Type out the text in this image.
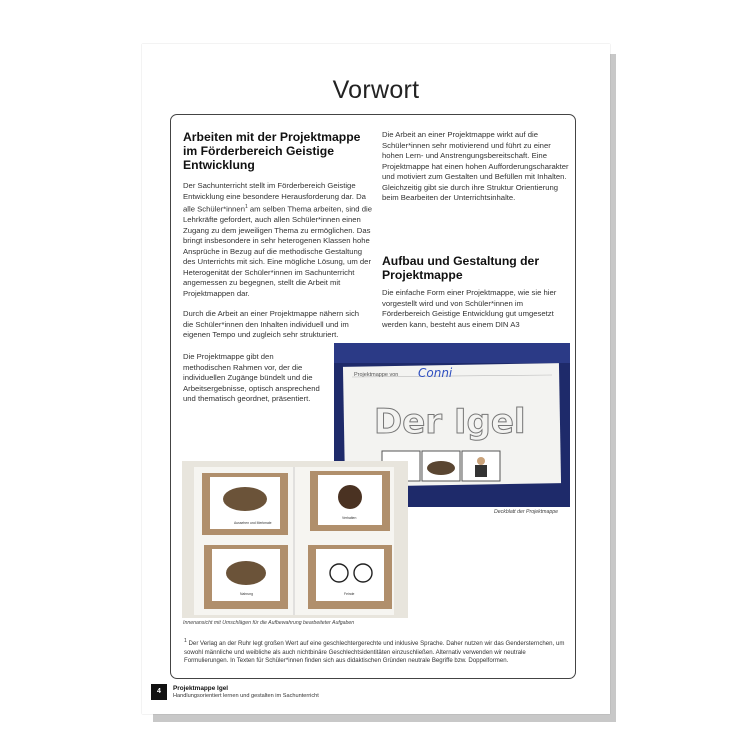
Vorwort
Arbeiten mit der Projektmappe im Förderbereich Geistige Entwicklung

Der Sachunterricht stellt im Förderbereich Geistige Entwicklung eine besondere Herausforderung dar. Da alle Schüler*innen$^1$ am selben Thema arbeiten, sind die Lehrkräfte gefordert, auch allen Schüler*innen einen Zugang zu dem jeweiligen Thema zu ermöglichen. Das bringt insbesondere in sehr heterogenen Klassen hohe Ansprüche in Bezug auf die methodische Gestaltung des Unterrichts mit sich. Eine mögliche Lösung, um der Heterogenität der Schüler*innen im Sachunterricht angemessen zu begegnen, stellt die Arbeit mit Projektmappen dar.

Durch die Arbeit an einer Projektmappe nähern sich die Schüler*innen den Inhalten individuell und im eigenen Tempo und zugleich sehr strukturiert.

Die Projektmappe gibt den methodischen Rahmen vor, der die individuellen Zugänge bündelt und die Arbeitsergebnisse, optisch ansprechend und thematisch geordnet, präsentiert.

Die Arbeit an einer Projektmappe wirkt auf die Schüler*innen sehr motivierend und führt zu einer hohen Lern- und Anstrengungsbereitschaft. Eine Projektmappe hat einen hohen Aufforderungscharakter und motiviert zum Gestalten und Befüllen mit Inhalten. Gleichzeitig gibt sie durch ihre Struktur Orientierung beim Bearbeiten der Unterrichtsinhalte.

Aufbau und Gestaltung der Projektmappe

Die einfache Form einer Projektmappe, wie sie hier vorgestellt wird und von Schüler*innen im Förderbereich Geistige Entwicklung gut umgesetzt werden kann, besteht aus einem DIN A3

Projektmappe von Conni
Der Igel
Deckblatt der Projektmappe
Aussehen und Merkmale
Verhalten
Nahrung	Feinde
Innenansicht mit Umschlägen für die Aufbewahrung bearbeiteter Aufgaben
$^1$ Der Verlag an der Ruhr legt großen Wert auf eine geschlechtergerechte und inklusive Sprache. Daher nutzen wir das Gendersternchen, um sowohl männliche und weibliche als auch nichtbinäre Geschlechtsidentitäten einzuschließen. Alternativ verwenden wir neutrale Formulierungen. In Texten für Schüler*innen finden sich aus didaktischen Gründen neutrale Begriffe bzw. Doppelformen.
4	Projektmappe Igel
Handlungsorientiert lernen und gestalten im Sachunterricht
